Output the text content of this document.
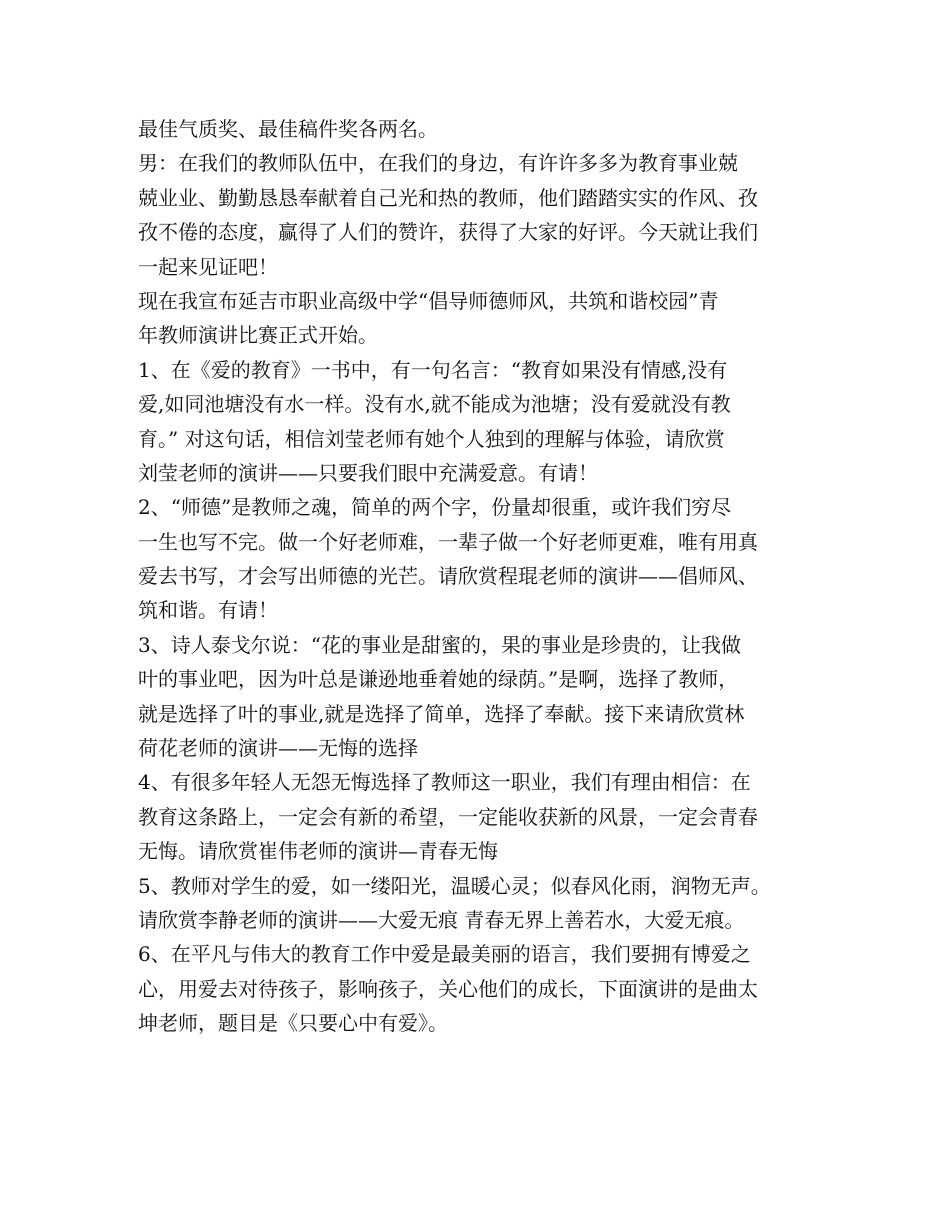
最佳气质奖、最佳稿件奖各两名。
男：在我们的教师队伍中，在我们的身边，有许许多多为教育事业兢
兢业业、勤勤恳恳奉献着自己光和热的教师，他们踏踏实实的作风、孜
孜不倦的态度，赢得了人们的赞许，获得了大家的好评。今天就让我们
一起来见证吧！
现在我宣布延吉市职业高级中学“倡导师德师风，共筑和谐校园”青
年教师演讲比赛正式开始。
1、在《爱的教育》一书中，有一句名言：“教育如果没有情感,没有
爱,如同池塘没有水一样。没有水,就不能成为池塘；没有爱就没有教
育。” 对这句话，相信刘莹老师有她个人独到的理解与体验，请欣赏
刘莹老师的演讲——只要我们眼中充满爱意。有请！
2、“师德”是教师之魂，简单的两个字，份量却很重，或许我们穷尽
一生也写不完。做一个好老师难，一辈子做一个好老师更难，唯有用真
爱去书写，才会写出师德的光芒。请欣赏程琨老师的演讲——倡师风、
筑和谐。有请！
3、诗人泰戈尔说：“花的事业是甜蜜的，果的事业是珍贵的，让我做
叶的事业吧，因为叶总是谦逊地垂着她的绿荫。”是啊，选择了教师，
就是选择了叶的事业,就是选择了简单，选择了奉献。接下来请欣赏林
荷花老师的演讲——无悔的选择
4、有很多年轻人无怨无悔选择了教师这一职业，我们有理由相信：在
教育这条路上，一定会有新的希望，一定能收获新的风景，一定会青春
无悔。请欣赏崔伟老师的演讲—青春无悔
5、教师对学生的爱，如一缕阳光，温暖心灵；似春风化雨，润物无声。
请欣赏李静老师的演讲——大爱无痕 青春无界上善若水，大爱无痕。
6、在平凡与伟大的教育工作中爱是最美丽的语言，我们要拥有博爱之
心，用爱去对待孩子，影响孩子，关心他们的成长，下面演讲的是曲太
坤老师，题目是《只要心中有爱》。
